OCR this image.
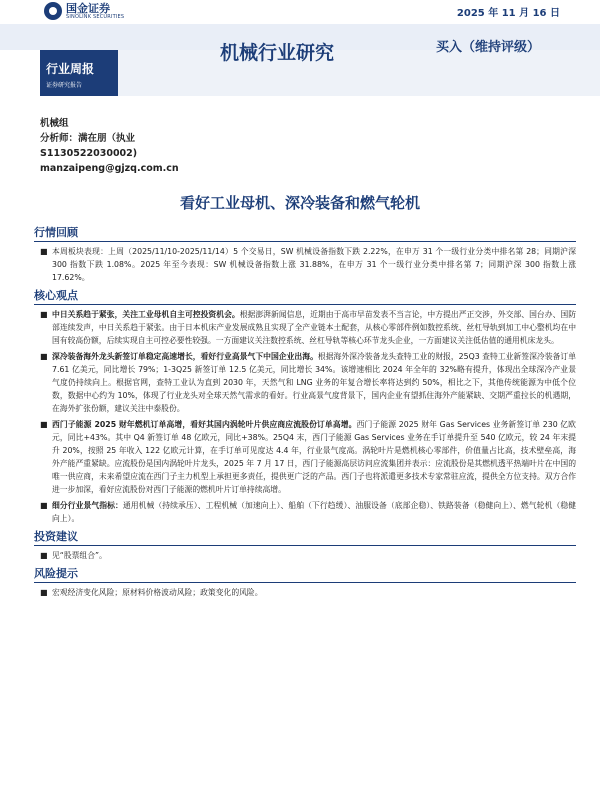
国金证券
SINOLINK SECURITIES	2025 年 11 月 16 日
机械行业研究	买入（维持评级）
行业周报
证券研究报告
机械组
分析师：满在朋（执业
S1130522030002)
manzaipeng@gjzq.com.cn
看好工业母机、深冷装备和燃气轮机
行情回顾
■ 本周板块表现：上周（2025/11/10-2025/11/14）5 个交易日，SW 机械设备指数下跌 2.22%，在申万 31 个一级行业分类中排名第 28；同期沪深 300 指数下跌 1.08%。2025 年至今表现：SW 机械设备指数上涨 31.88%，在申万 31 个一级行业分类中排名第 7；同期沪深 300 指数上涨 17.62%。
核心观点
■ 中日关系趋于紧张，关注工业母机自主可控投资机会。根据澎湃新闻信息，近期由于高市早苗发表不当言论，中方提出严正交涉，外交部、国台办、国防部连续发声，中日关系趋于紧张。由于日本机床产业发展成熟且实现了全产业链本土配套，从核心零部件例如数控系统、丝杠导轨到加工中心整机均在中国有较高份额，后续实现自主可控必要性较强。一方面建议关注数控系统、丝杠导轨等核心环节龙头企业，一方面建议关注低估值的通用机床龙头。
■ 深冷装备海外龙头新签订单稳定高速增长，看好行业高景气下中国企业出海。根据海外深冷装备龙头查特工业的财报，25Q3 查特工业新签深冷装备订单 7.61 亿美元，同比增长 79%；1-3Q25 新签订单 12.5 亿美元，同比增长 34%。该增速相比 2024 年全年的 32%略有提升，体现出全球深冷产业景气度仍持续向上。根据官网，查特工业认为直到 2030 年，天然气和 LNG 业务的年复合增长率将达到约 50%，相比之下，其他传统能源为中低个位数，数据中心约为 10%，体现了行业龙头对全球天然气需求的看好。行业高景气度背景下，国内企业有望抓住海外产能紧缺、交期严重拉长的机遇期，在海外扩张份额，建议关注中泰股份。
■ 西门子能源 2025 财年燃机订单高增，看好其国内涡轮叶片供应商应流股份订单高增。西门子能源 2025 财年 Gas Services 业务新签订单 230 亿欧元，同比+43%。其中 Q4 新签订单 48 亿欧元，同比+38%。25Q4 末，西门子能源 Gas Services 业务在手订单提升至 540 亿欧元，较 24 年末提升 20%，按照 25 年收入 122 亿欧元计算，在手订单可见度达 4.4 年，行业景气度高。涡轮叶片是燃机核心零部件，价值量占比高，技术壁垒高，海外产能严重紧缺。应流股份是国内涡轮叶片龙头，2025 年 7 月 17 日，西门子能源高层访问应流集团并表示：应流股份是其燃机透平热端叶片在中国的唯一供应商，未来希望应流在西门子主力机型上承担更多责任，提供更广泛的产品。西门子也将派遣更多技术专家常驻应流，提供全方位支持。双方合作进一步加深，看好应流股份对西门子能源的燃机叶片订单持续高增。
■ 细分行业景气指标：通用机械（持续承压）、工程机械（加速向上）、船舶（下行趋缓）、油服设备（底部企稳）、铁路装备（稳健向上）、燃气轮机（稳健向上）。
投资建议
■ 见“股票组合”。
风险提示
■ 宏观经济变化风险；原材料价格波动风险；政策变化的风险。
